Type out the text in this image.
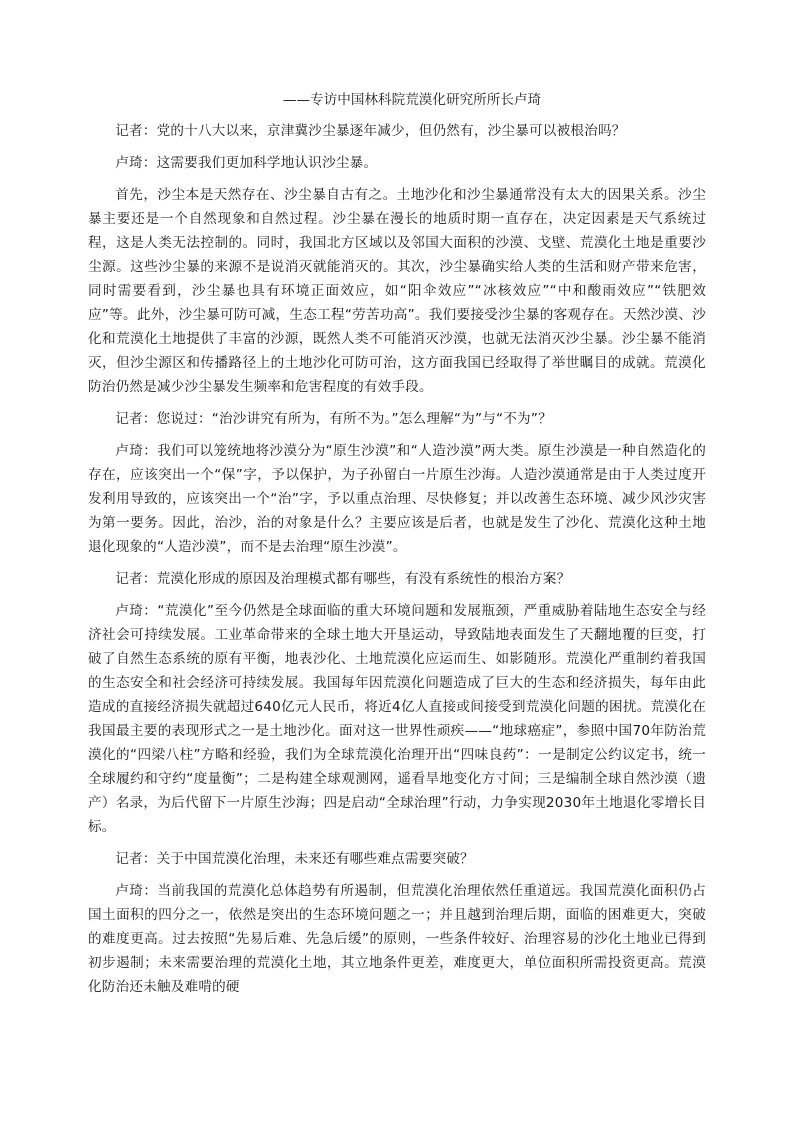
——专访中国林科院荒漠化研究所所长卢琦

记者：党的十八大以来，京津冀沙尘暴逐年减少，但仍然有，沙尘暴可以被根治吗？

卢琦：这需要我们更加科学地认识沙尘暴。

首先，沙尘本是天然存在、沙尘暴自古有之。土地沙化和沙尘暴通常没有太大的因果关系。沙尘暴主要还是一个自然现象和自然过程。沙尘暴在漫长的地质时期一直存在，决定因素是天气系统过程，这是人类无法控制的。同时，我国北方区域以及邻国大面积的沙漠、戈壁、荒漠化土地是重要沙尘源。这些沙尘暴的来源不是说消灭就能消灭的。其次，沙尘暴确实给人类的生活和财产带来危害，同时需要看到，沙尘暴也具有环境正面效应，如“阳伞效应”“冰核效应”“中和酸雨效应”“铁肥效应”等。此外，沙尘暴可防可减，生态工程“劳苦功高”。我们要接受沙尘暴的客观存在。天然沙漠、沙化和荒漠化土地提供了丰富的沙源，既然人类不可能消灭沙漠，也就无法消灭沙尘暴。沙尘暴不能消灭，但沙尘源区和传播路径上的土地沙化可防可治，这方面我国已经取得了举世瞩目的成就。荒漠化防治仍然是减少沙尘暴发生频率和危害程度的有效手段。

记者：您说过：“治沙讲究有所为，有所不为。”怎么理解“为”与“不为”？

卢琦：我们可以笼统地将沙漠分为“原生沙漠”和“人造沙漠”两大类。原生沙漠是一种自然造化的存在，应该突出一个“保”字，予以保护，为子孙留白一片原生沙海。人造沙漠通常是由于人类过度开发利用导致的，应该突出一个“治”字，予以重点治理、尽快修复；并以改善生态环境、减少风沙灾害为第一要务。因此，治沙，治的对象是什么？主要应该是后者，也就是发生了沙化、荒漠化这种土地退化现象的“人造沙漠”，而不是去治理“原生沙漠”。

记者：荒漠化形成的原因及治理模式都有哪些，有没有系统性的根治方案？

卢琦：“荒漠化”至今仍然是全球面临的重大环境问题和发展瓶颈，严重威胁着陆地生态安全与经济社会可持续发展。工业革命带来的全球土地大开垦运动，导致陆地表面发生了天翻地覆的巨变，打破了自然生态系统的原有平衡，地表沙化、土地荒漠化应运而生、如影随形。荒漠化严重制约着我国的生态安全和社会经济可持续发展。我国每年因荒漠化问题造成了巨大的生态和经济损失，每年由此造成的直接经济损失就超过640亿元人民币，将近4亿人直接或间接受到荒漠化问题的困扰。荒漠化在我国最主要的表现形式之一是土地沙化。面对这一世界性顽疾——“地球癌症”，参照中国70年防治荒漠化的“四梁八柱”方略和经验，我们为全球荒漠化治理开出“四味良药”：一是制定公约议定书，统一全球履约和守约“度量衡”；二是构建全球观测网，遥看旱地变化方寸间；三是编制全球自然沙漠（遗产）名录，为后代留下一片原生沙海；四是启动“全球治理”行动，力争实现2030年土地退化零增长目标。

记者：关于中国荒漠化治理，未来还有哪些难点需要突破？

卢琦：当前我国的荒漠化总体趋势有所遏制，但荒漠化治理依然任重道远。我国荒漠化面积仍占国土面积的四分之一，依然是突出的生态环境问题之一；并且越到治理后期，面临的困难更大，突破的难度更高。过去按照“先易后难、先急后缓”的原则，一些条件较好、治理容易的沙化土地业已得到初步遏制；未来需要治理的荒漠化土地，其立地条件更差，难度更大，单位面积所需投资更高。荒漠化防治还未触及难啃的硬
